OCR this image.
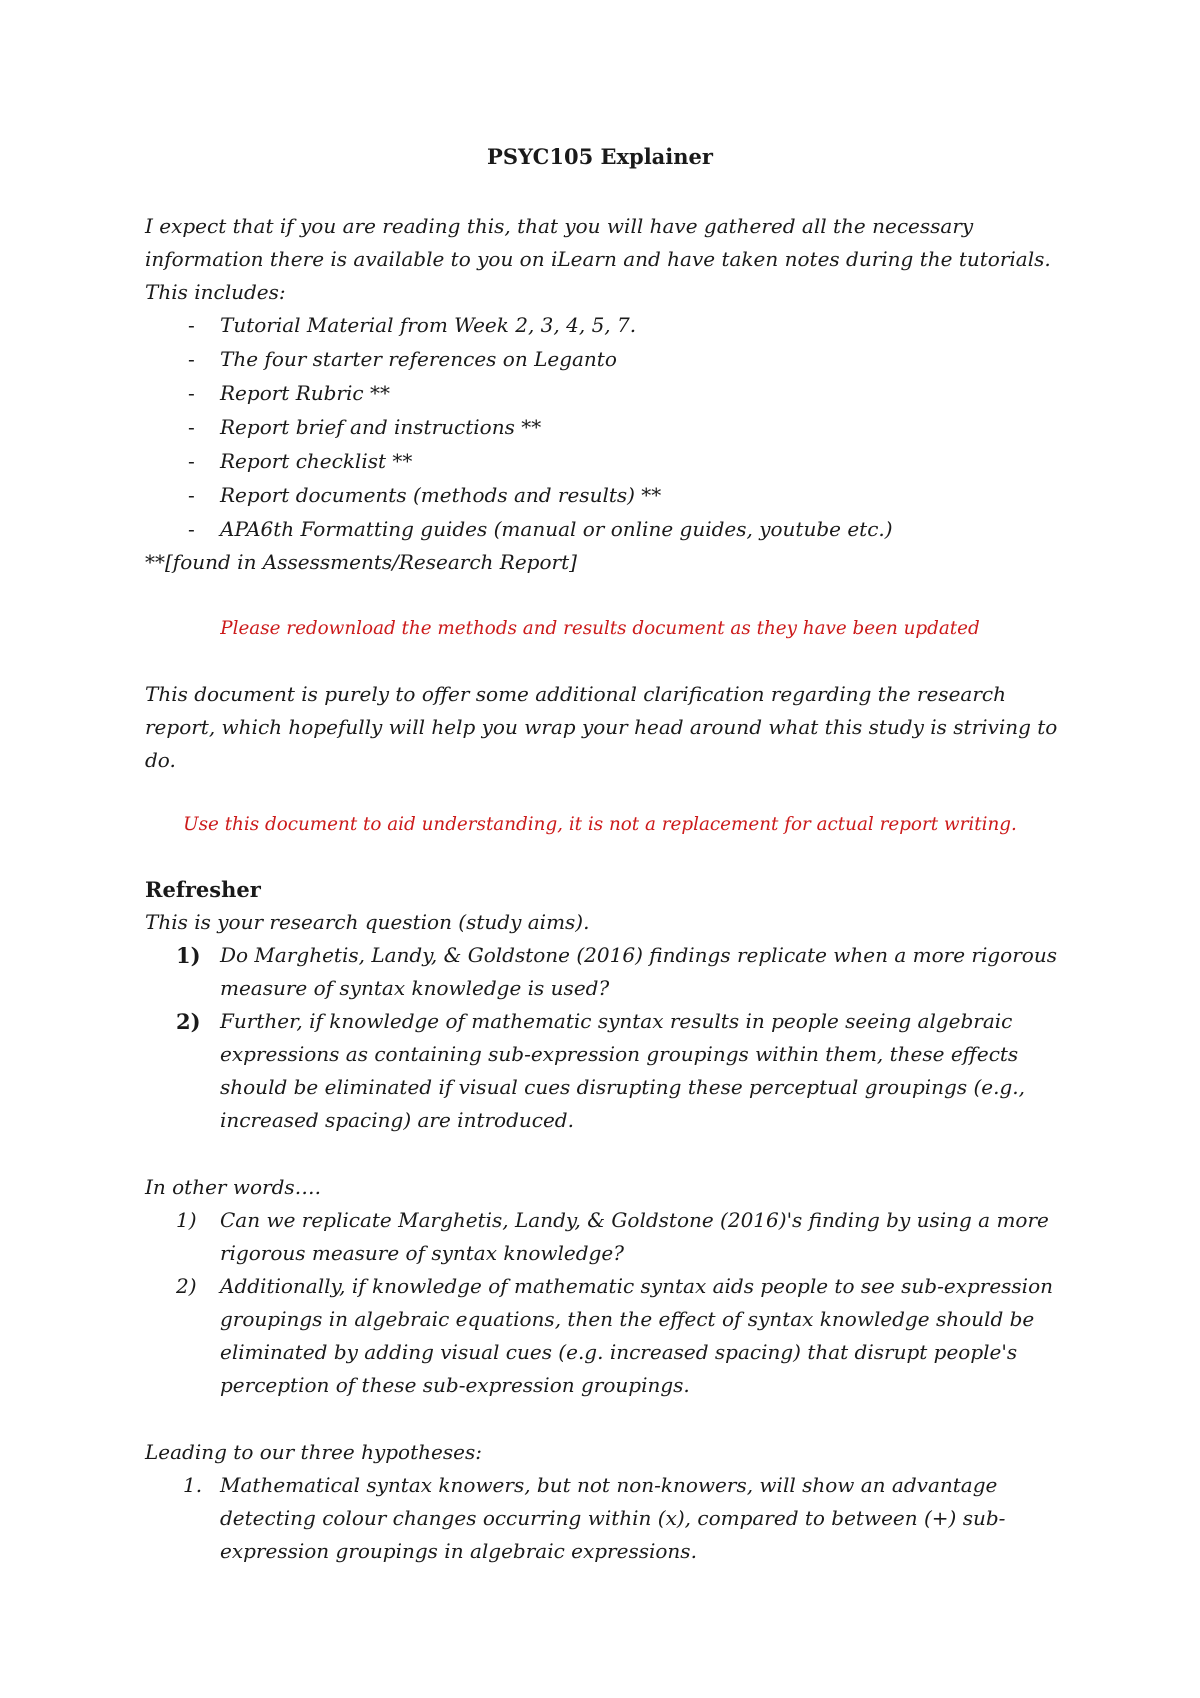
PSYC105 Explainer
I expect that if you are reading this, that you will have gathered all the necessary
information there is available to you on iLearn and have taken notes during the tutorials.
This includes:
- Tutorial Material from Week 2, 3, 4, 5, 7.
- The four starter references on Leganto
- Report Rubric **
- Report brief and instructions **
- Report checklist **
- Report documents (methods and results) **
- APA6th Formatting guides (manual or online guides, youtube etc.)
**[found in Assessments/Research Report]
Please redownload the methods and results document as they have been updated
This document is purely to offer some additional clarification regarding the research
report, which hopefully will help you wrap your head around what this study is striving to
do.
Use this document to aid understanding, it is not a replacement for actual report writing.
Refresher
This is your research question (study aims).
1) Do Marghetis, Landy, & Goldstone (2016) findings replicate when a more rigorous
measure of syntax knowledge is used?
2) Further, if knowledge of mathematic syntax results in people seeing algebraic
expressions as containing sub-expression groupings within them, these effects
should be eliminated if visual cues disrupting these perceptual groupings (e.g.,
increased spacing) are introduced.
In other words….
1) Can we replicate Marghetis, Landy, & Goldstone (2016)'s finding by using a more
rigorous measure of syntax knowledge?
2) Additionally, if knowledge of mathematic syntax aids people to see sub-expression
groupings in algebraic equations, then the effect of syntax knowledge should be
eliminated by adding visual cues (e.g. increased spacing) that disrupt people's
perception of these sub-expression groupings.
Leading to our three hypotheses:
1. Mathematical syntax knowers, but not non-knowers, will show an advantage
detecting colour changes occurring within (x), compared to between (+) sub-
expression groupings in algebraic expressions.
